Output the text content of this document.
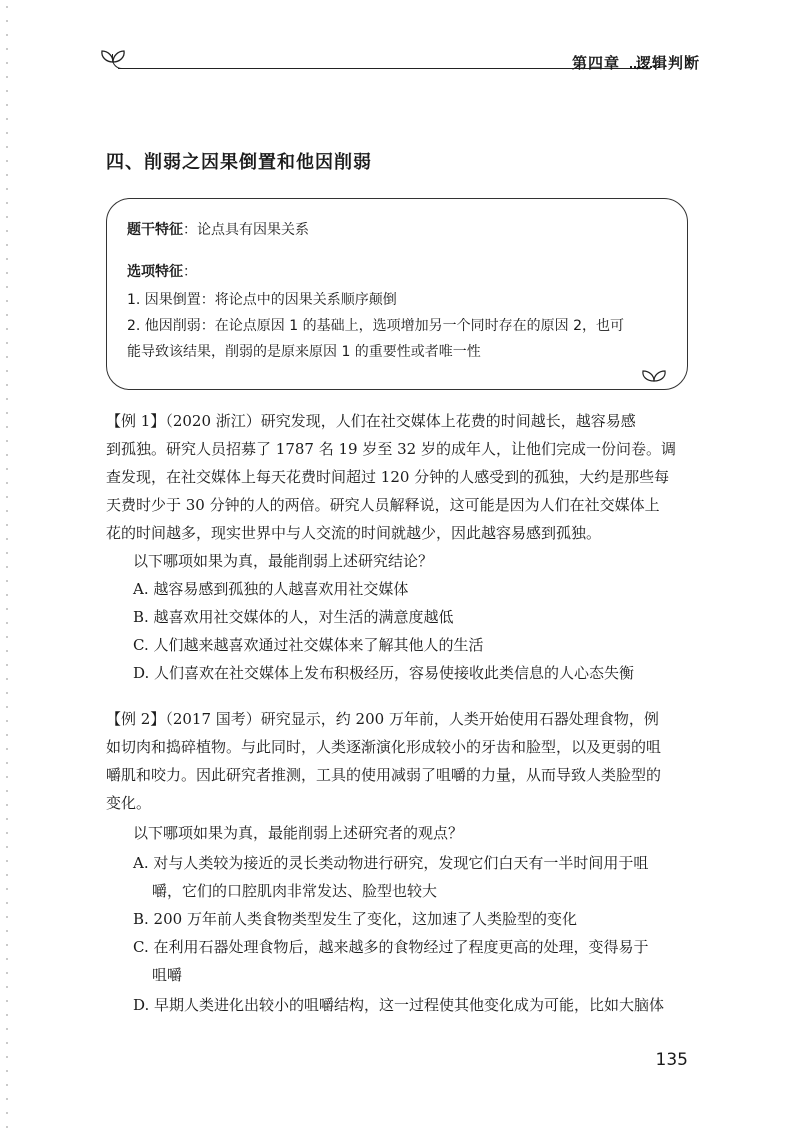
第四章　逻辑判断
四、削弱之因果倒置和他因削弱
题干特征：论点具有因果关系
选项特征：
1. 因果倒置：将论点中的因果关系顺序颠倒
2. 他因削弱：在论点原因 1 的基础上，选项增加另一个同时存在的原因 2，也可
能导致该结果，削弱的是原来原因 1 的重要性或者唯一性
【例 1】（2020 浙江）研究发现，人们在社交媒体上花费的时间越长，越容易感
到孤独。研究人员招募了 1787 名 19 岁至 32 岁的成年人，让他们完成一份问卷。调
查发现，在社交媒体上每天花费时间超过 120 分钟的人感受到的孤独，大约是那些每
天费时少于 30 分钟的人的两倍。研究人员解释说，这可能是因为人们在社交媒体上
花的时间越多，现实世界中与人交流的时间就越少，因此越容易感到孤独。
以下哪项如果为真，最能削弱上述研究结论？
A. 越容易感到孤独的人越喜欢用社交媒体
B. 越喜欢用社交媒体的人，对生活的满意度越低
C. 人们越来越喜欢通过社交媒体来了解其他人的生活
D. 人们喜欢在社交媒体上发布积极经历，容易使接收此类信息的人心态失衡
【例 2】（2017 国考）研究显示，约 200 万年前，人类开始使用石器处理食物，例
如切肉和捣碎植物。与此同时，人类逐渐演化形成较小的牙齿和脸型，以及更弱的咀
嚼肌和咬力。因此研究者推测，工具的使用减弱了咀嚼的力量，从而导致人类脸型的
变化。
以下哪项如果为真，最能削弱上述研究者的观点？
A. 对与人类较为接近的灵长类动物进行研究，发现它们白天有一半时间用于咀
嚼，它们的口腔肌肉非常发达、脸型也较大
B. 200 万年前人类食物类型发生了变化，这加速了人类脸型的变化
C. 在利用石器处理食物后，越来越多的食物经过了程度更高的处理，变得易于
咀嚼
D. 早期人类进化出较小的咀嚼结构，这一过程使其他变化成为可能，比如大脑体
135
